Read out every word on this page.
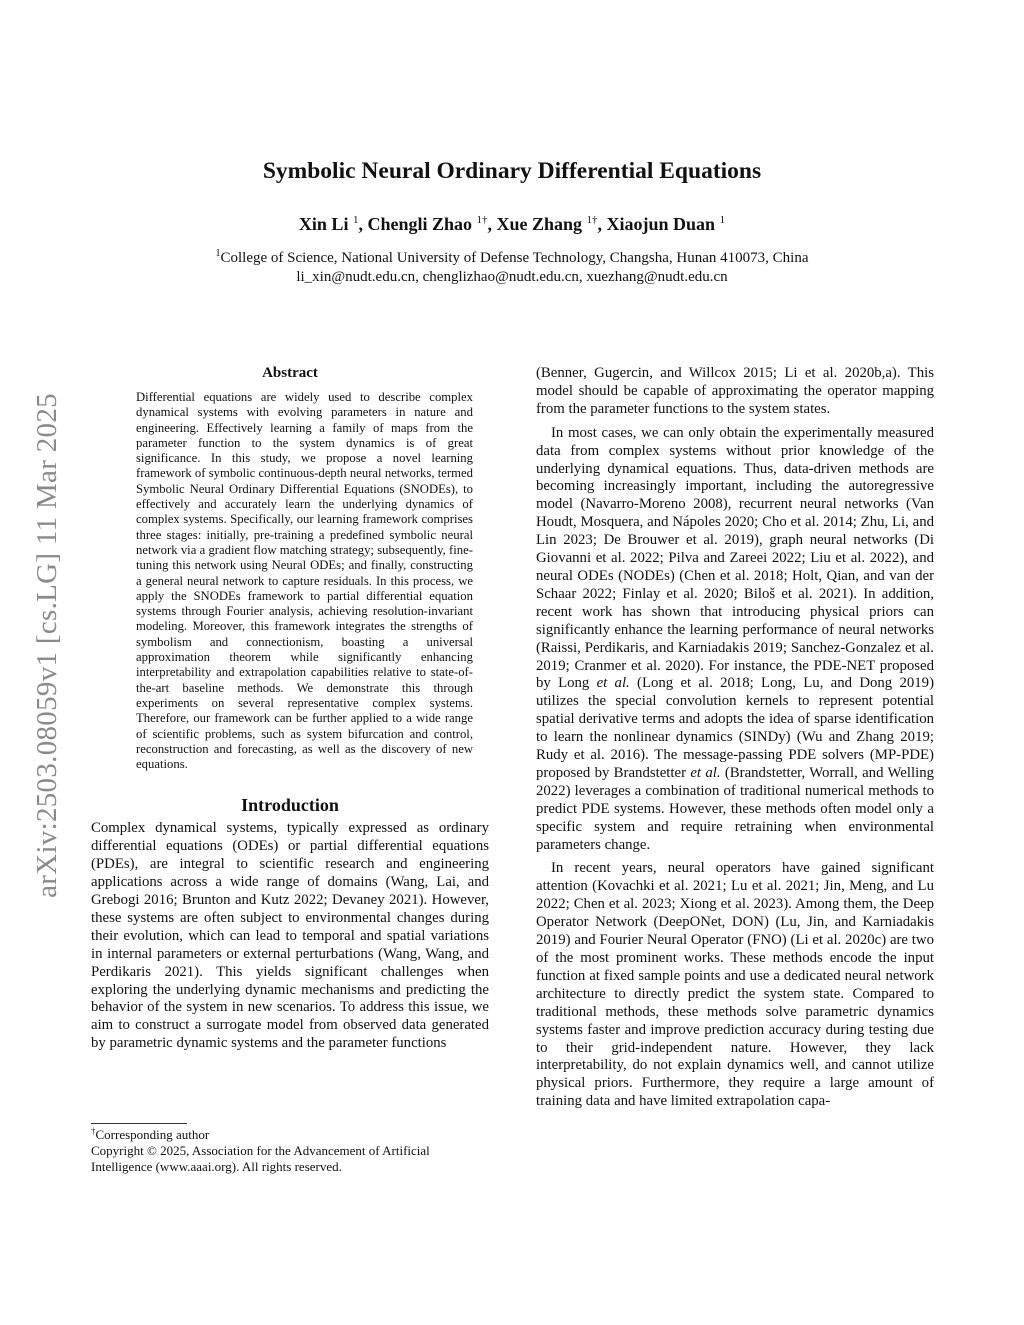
arXiv:2503.08059v1 [cs.LG] 11 Mar 2025
Symbolic Neural Ordinary Differential Equations
Xin Li $^1$, Chengli Zhao $^{1\dagger}$, Xue Zhang $^{1\dagger}$, Xiaojun Duan $^1$
$^1$College of Science, National University of Defense Technology, Changsha, Hunan 410073, China
li_xin@nudt.edu.cn, chenglizhao@nudt.edu.cn, xuezhang@nudt.edu.cn
Abstract

Differential equations are widely used to describe complex dynamical systems with evolving parameters in nature and engineering. Effectively learning a family of maps from the parameter function to the system dynamics is of great significance. In this study, we propose a novel learning framework of symbolic continuous-depth neural networks, termed Symbolic Neural Ordinary Differential Equations (SNODEs), to effectively and accurately learn the underlying dynamics of complex systems. Specifically, our learning framework comprises three stages: initially, pre-training a predefined symbolic neural network via a gradient flow matching strategy; subsequently, fine-tuning this network using Neural ODEs; and finally, constructing a general neural network to capture residuals. In this process, we apply the SNODEs framework to partial differential equation systems through Fourier analysis, achieving resolution-invariant modeling. Moreover, this framework integrates the strengths of symbolism and connectionism, boasting a universal approximation theorem while significantly enhancing interpretability and extrapolation capabilities relative to state-of-the-art baseline methods. We demonstrate this through experiments on several representative complex systems. Therefore, our framework can be further applied to a wide range of scientific problems, such as system bifurcation and control, reconstruction and forecasting, as well as the discovery of new equations.

Introduction

Complex dynamical systems, typically expressed as ordinary differential equations (ODEs) or partial differential equations (PDEs), are integral to scientific research and engineering applications across a wide range of domains (Wang, Lai, and Grebogi 2016; Brunton and Kutz 2022; Devaney 2021). However, these systems are often subject to environmental changes during their evolution, which can lead to temporal and spatial variations in internal parameters or external perturbations (Wang, Wang, and Perdikaris 2021). This yields significant challenges when exploring the underlying dynamic mechanisms and predicting the behavior of the system in new scenarios. To address this issue, we aim to construct a surrogate model from observed data generated by parametric dynamic systems and the parameter functions

†Corresponding author

Copyright © 2025, Association for the Advancement of Artificial Intelligence (www.aaai.org). All rights reserved.

(Benner, Gugercin, and Willcox 2015; Li et al. 2020b,a). This model should be capable of approximating the operator mapping from the parameter functions to the system states.

In most cases, we can only obtain the experimentally measured data from complex systems without prior knowledge of the underlying dynamical equations. Thus, data-driven methods are becoming increasingly important, including the autoregressive model (Navarro-Moreno 2008), recurrent neural networks (Van Houdt, Mosquera, and Nápoles 2020; Cho et al. 2014; Zhu, Li, and Lin 2023; De Brouwer et al. 2019), graph neural networks (Di Giovanni et al. 2022; Pilva and Zareei 2022; Liu et al. 2022), and neural ODEs (NODEs) (Chen et al. 2018; Holt, Qian, and van der Schaar 2022; Finlay et al. 2020; Biloš et al. 2021). In addition, recent work has shown that introducing physical priors can significantly enhance the learning performance of neural networks (Raissi, Perdikaris, and Karniadakis 2019; Sanchez-Gonzalez et al. 2019; Cranmer et al. 2020). For instance, the PDE-NET proposed by Long et al. (Long et al. 2018; Long, Lu, and Dong 2019) utilizes the special convolution kernels to represent potential spatial derivative terms and adopts the idea of sparse identification to learn the nonlinear dynamics (SINDy) (Wu and Zhang 2019; Rudy et al. 2016). The message-passing PDE solvers (MP-PDE) proposed by Brandstetter et al. (Brandstetter, Worrall, and Welling 2022) leverages a combination of traditional numerical methods to predict PDE systems. However, these methods often model only a specific system and require retraining when environmental parameters change.

In recent years, neural operators have gained significant attention (Kovachki et al. 2021; Lu et al. 2021; Jin, Meng, and Lu 2022; Chen et al. 2023; Xiong et al. 2023). Among them, the Deep Operator Network (DeepONet, DON) (Lu, Jin, and Karniadakis 2019) and Fourier Neural Operator (FNO) (Li et al. 2020c) are two of the most prominent works. These methods encode the input function at fixed sample points and use a dedicated neural network architecture to directly predict the system state. Compared to traditional methods, these methods solve parametric dynamics systems faster and improve prediction accuracy during testing due to their grid-independent nature. However, they lack interpretability, do not explain dynamics well, and cannot utilize physical priors. Furthermore, they require a large amount of training data and have limited extrapolation capa-
